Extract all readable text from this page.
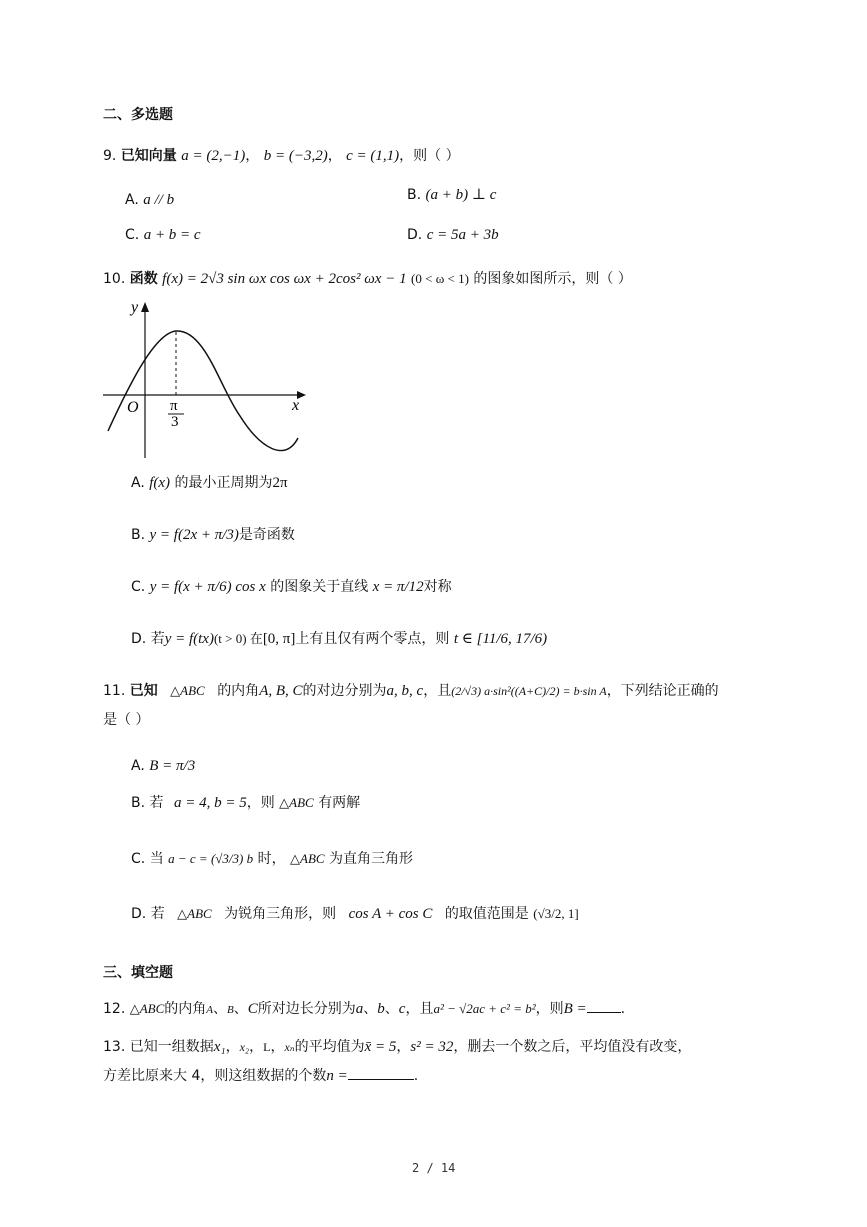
二、多选题
9. 已知向量 a = (2,−1)， b = (−3,2)， c = (1,1)，则（ ）
A. a // b	B. (a + b) ⊥ c
C. a + b = c	D. c = 5a + 3b
10. 函数 f(x) = 2√3 sin ωx cos ωx + 2cos² ωx − 1 (0 < ω < 1) 的图象如图所示，则（ ）
y
x
O π
3
A. f(x) 的最小正周期为2π
B. y = f(2x + π/3)是奇函数
C. y = f(x + π/6) cos x 的图象关于直线 x = π/12对称
D. 若y = f(tx)(t > 0) 在[0, π]上有且仅有两个零点，则 t ∈ [11/6, 17/6)
11. 已知 △ABC 的内角A, B, C的对边分别为a, b, c，且(2/√3) a·sin²((A+C)/2) = b·sin A，下列结论正确的
是（ ）
A. B = π/3
B. 若 a = 4, b = 5，则 △ABC 有两解
C. 当 a − c = (√3/3) b 时， △ABC 为直角三角形
D. 若 △ABC 为锐角三角形，则 cos A + cos C 的取值范围是 (√3/2, 1]
三、填空题
12. △ABC的内角A、B、C所对边长分别为a、b、c，且a² − √2ac + c² = b²，则B = .
13. 已知一组数据x₁，x₂，L，xₙ的平均值为x̄ = 5，s² = 32，删去一个数之后，平均值没有改变，
方差比原来大 4，则这组数据的个数n =	.
2 / 14
